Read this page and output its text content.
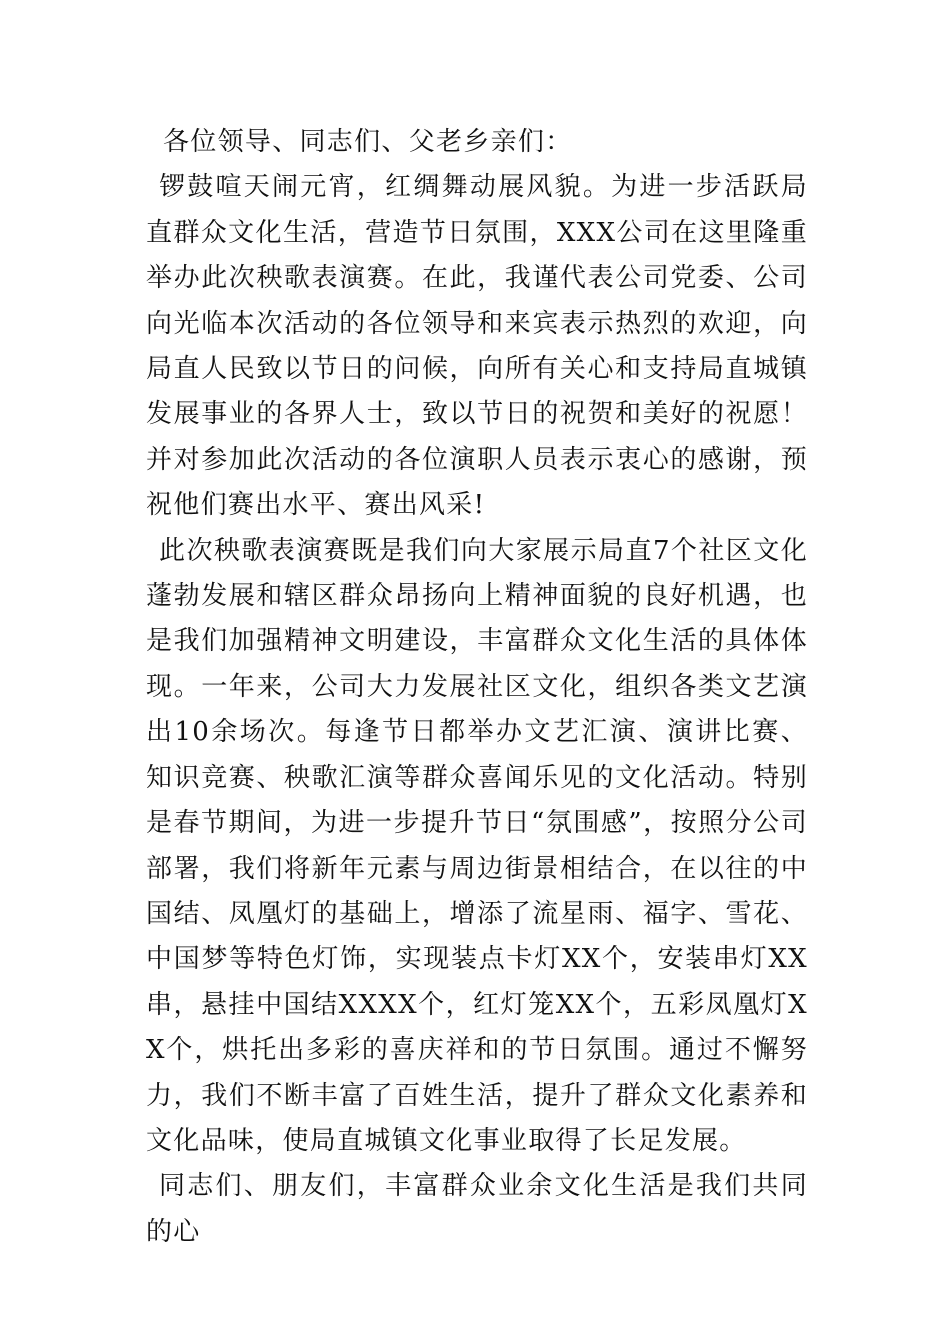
各位领导、同志们、父老乡亲们：

锣鼓喧天闹元宵，红绸舞动展风貌。为进一步活跃局直群众文化生活，营造节日氛围，XXX公司在这里隆重举办此次秧歌表演赛。在此，我谨代表公司党委、公司向光临本次活动的各位领导和来宾表示热烈的欢迎，向局直人民致以节日的问候，向所有关心和支持局直城镇发展事业的各界人士，致以节日的祝贺和美好的祝愿！并对参加此次活动的各位演职人员表示衷心的感谢，预祝他们赛出水平、赛出风采!

此次秧歌表演赛既是我们向大家展示局直7个社区文化蓬勃发展和辖区群众昂扬向上精神面貌的良好机遇，也是我们加强精神文明建设，丰富群众文化生活的具体体现。一年来，公司大力发展社区文化，组织各类文艺演出10余场次。每逢节日都举办文艺汇演、演讲比赛、知识竞赛、秧歌汇演等群众喜闻乐见的文化活动。特别是春节期间，为进一步提升节日“氛围感”，按照分公司部署，我们将新年元素与周边街景相结合，在以往的中国结、凤凰灯的基础上，增添了流星雨、福字、雪花、中国梦等特色灯饰，实现装点卡灯XX个，安装串灯XX串，悬挂中国结XXXX个，红灯笼XX个，五彩凤凰灯XX个，烘托出多彩的喜庆祥和的节日氛围。通过不懈努力，我们不断丰富了百姓生活，提升了群众文化素养和文化品味，使局直城镇文化事业取得了长足发展。

同志们、朋友们，丰富群众业余文化生活是我们共同的心
